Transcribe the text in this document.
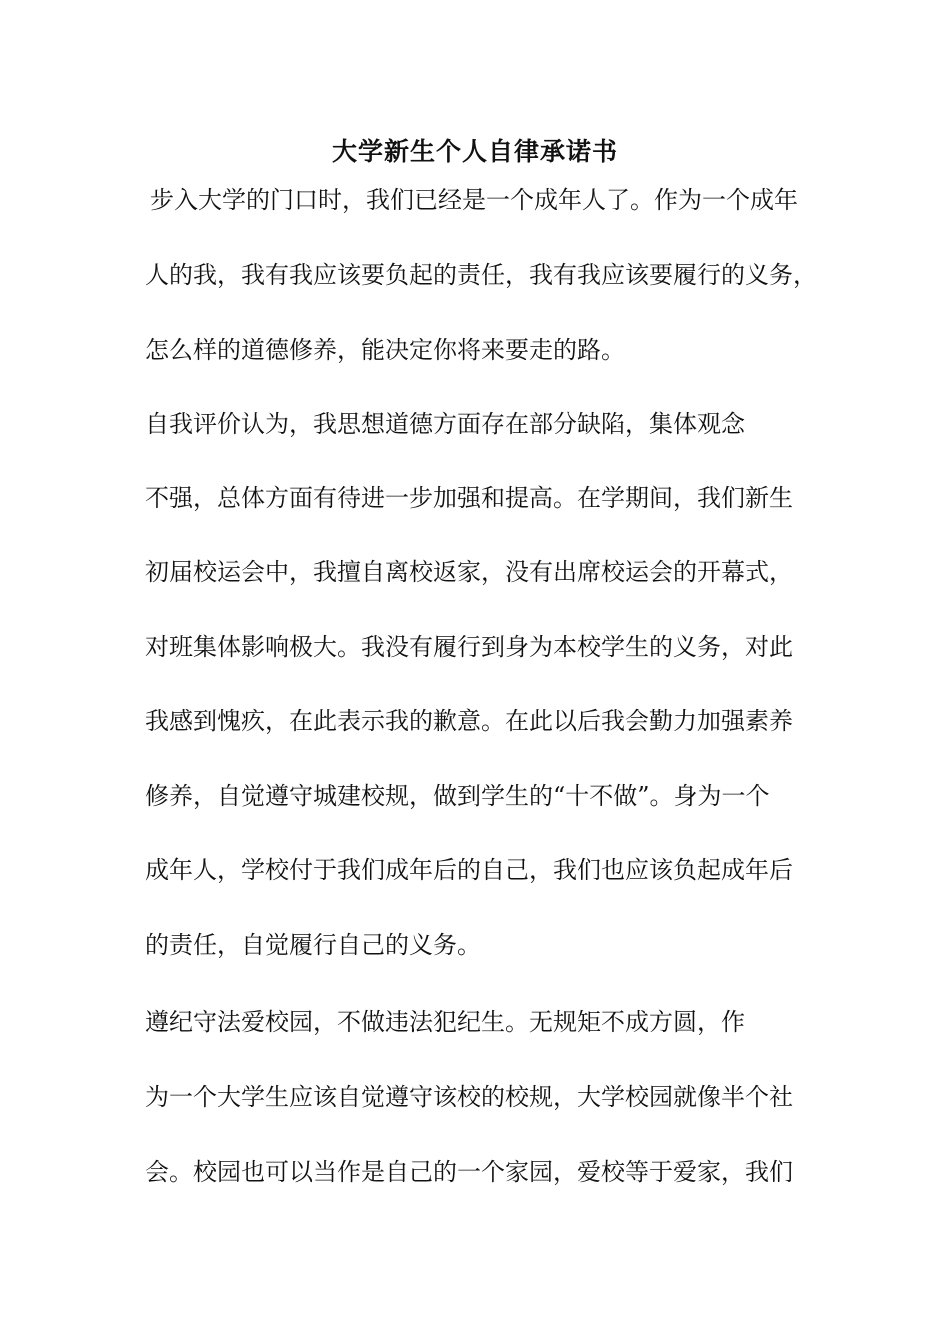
大学新生个人自律承诺书
步入大学的门口时，我们已经是一个成年人了。作为一个成年
人的我，我有我应该要负起的责任，我有我应该要履行的义务，
怎么样的道德修养，能决定你将来要走的路。
自我评价认为，我思想道德方面存在部分缺陷，集体观念
不强，总体方面有待进一步加强和提高。在学期间，我们新生
初届校运会中，我擅自离校返家，没有出席校运会的开幕式，
对班集体影响极大。我没有履行到身为本校学生的义务，对此
我感到愧疚，在此表示我的歉意。在此以后我会勤力加强素养
修养，自觉遵守城建校规，做到学生的“十不做”。身为一个
成年人，学校付于我们成年后的自己，我们也应该负起成年后
的责任，自觉履行自己的义务。
遵纪守法爱校园，不做违法犯纪生。无规矩不成方圆，作
为一个大学生应该自觉遵守该校的校规，大学校园就像半个社
会。校园也可以当作是自己的一个家园，爱校等于爱家，我们
